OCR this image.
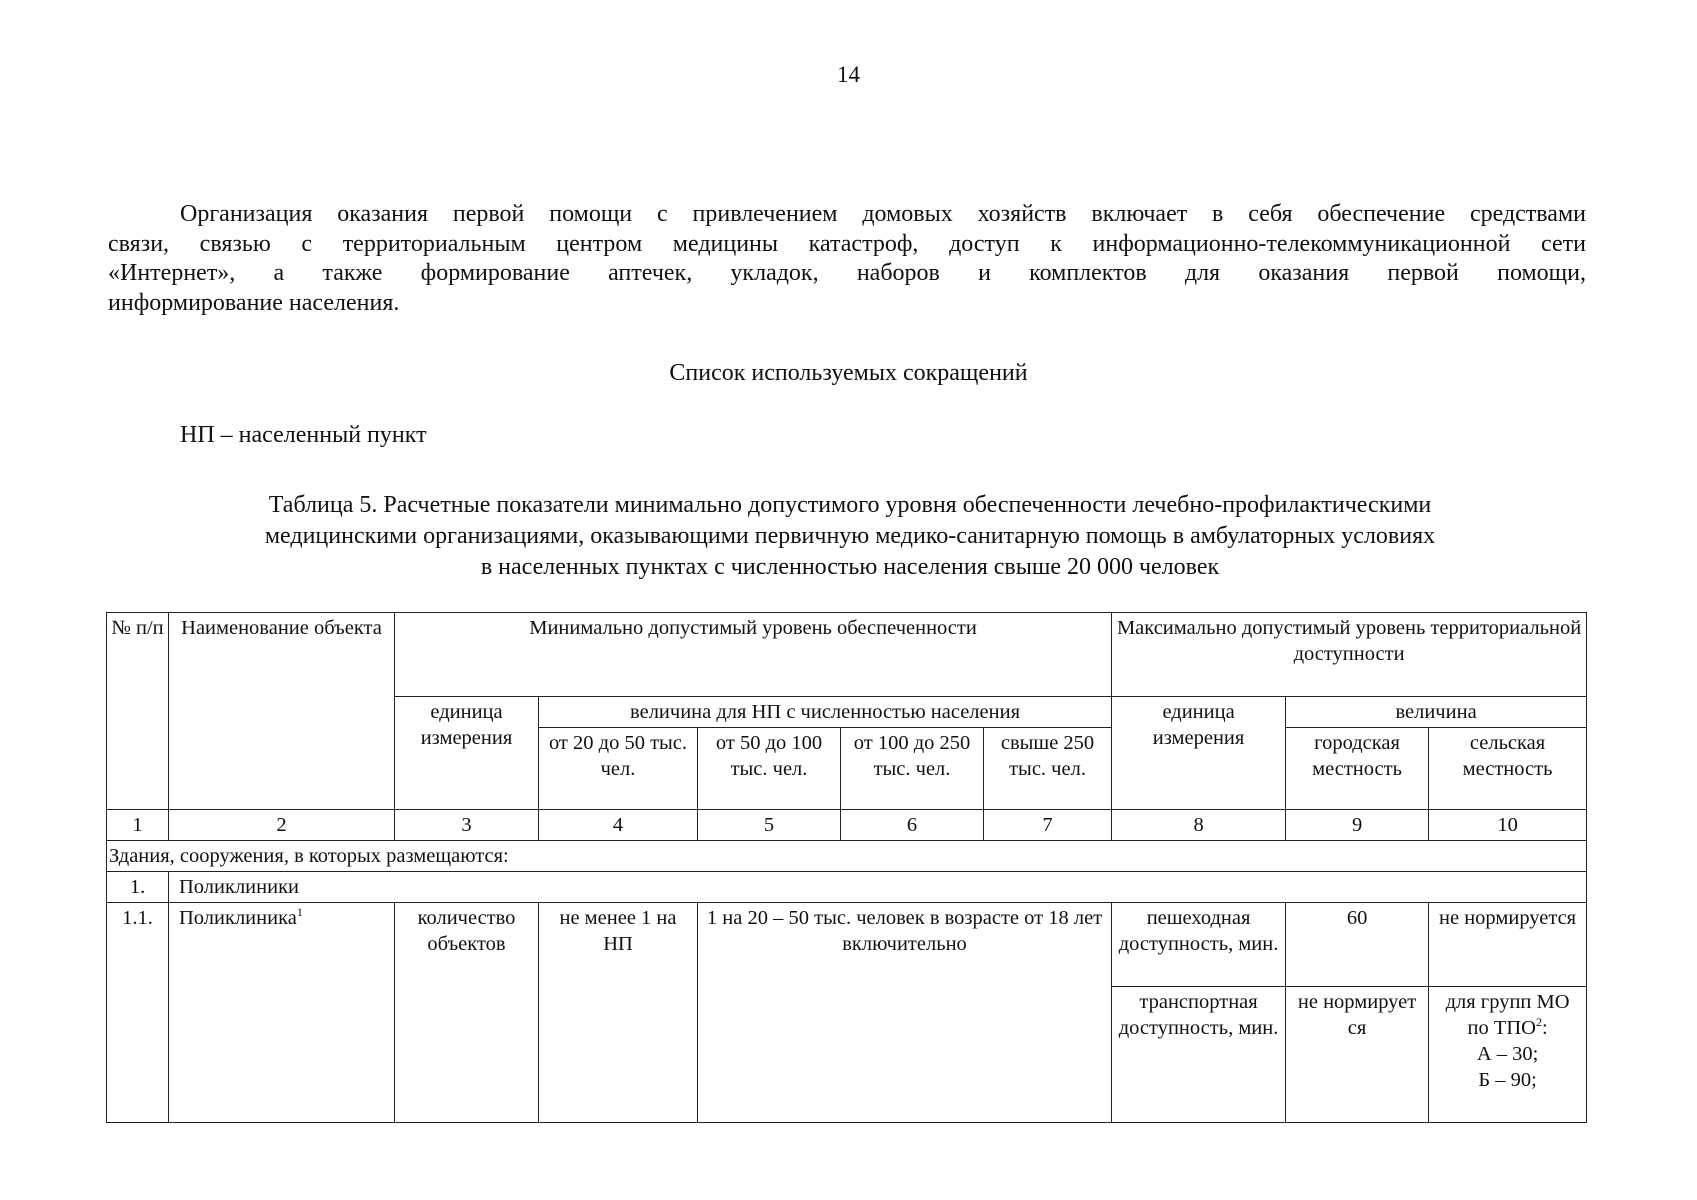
14
Организация оказания первой помощи с привлечением домовых хозяйств включает в себя обеспечение средствами
связи, связью с территориальным центром медицины катастроф, доступ к информационно-телекоммуникационной сети
«Интернет», а также формирование аптечек, укладок, наборов и комплектов для оказания первой помощи,
информирование населения.
Список используемых сокращений
НП – населенный пункт
Таблица 5. Расчетные показатели минимально допустимого уровня обеспеченности лечебно-профилактическими
медицинскими организациями, оказывающими первичную медико-санитарную помощь в амбулаторных условиях
в населенных пунктах с численностью населения свыше 20 000 человек
№ п/п	Наименование объекта	Минимально допустимый уровень обеспеченности					Максимально допустимый уровень территориальной доступности		
		единица измерения	величина для НП с численностью населения				единица измерения	величина	
			от 20 до 50 тыс. чел.	от 50 до 100 тыс. чел.	от 100 до 250 тыс. чел.	свыше 250 тыс. чел.		городская местность	сельская местность
1	2	3	4	5	6	7	8	9	10
Здания, сооружения, в которых размещаются:									
1.	Поликлиники								
1.1.	Поликлиника$^1$	количество объектов	не менее 1 на НП	1 на 20 – 50 тыс. человек в возрасте от 18 лет включительно			пешеходная доступность, мин.	60	не нормируется
							транспортная доступность, мин.	не нормирует ся	для групп МО по ТПО$^2$:
А – 30;
Б – 90;
